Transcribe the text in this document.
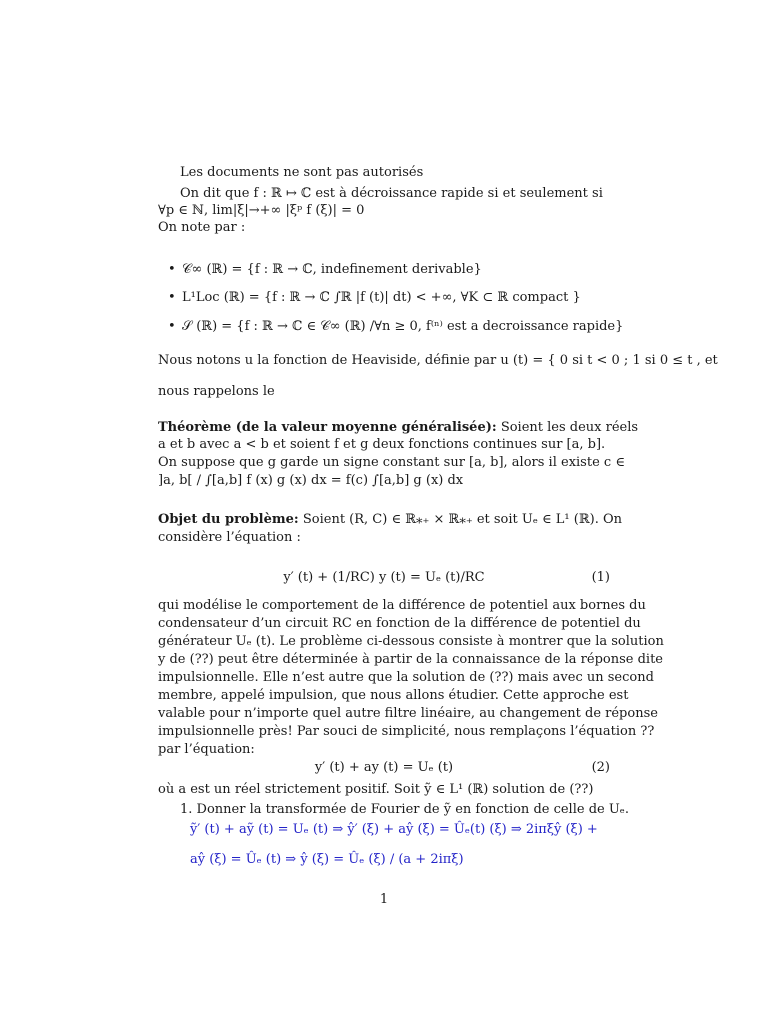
Les documents ne sont pas autorisés

On dit que f : ℝ ↦ ℂ est à décroissance rapide si et seulement si

∀p ∈ ℕ, lim|ξ|→+∞ |ξᵖ f (ξ)| = 0

On note par :

• 𝒞∞ (ℝ) = {f : ℝ → ℂ, indefinement derivable}

• L¹Loc (ℝ) = {f : ℝ → ℂ ∫ℝ |f (t)| dt) < +∞, ∀K ⊂ ℝ compact }

• 𝒮 (ℝ) = {f : ℝ → ℂ ∈ 𝒞∞ (ℝ) /∀n ≥ 0, f⁽ⁿ⁾ est a decroissance rapide}

Nous notons u la fonction de Heaviside, définie par u (t) = { 0 si t < 0 ; 1 si 0 ≤ t , et

nous rappelons le

Théorème (de la valeur moyenne généralisée): Soient les deux réels

a et b avec a < b et soient f et g deux fonctions continues sur [a, b].

On suppose que g garde un signe constant sur [a, b], alors il existe c ∈

]a, b[ / ∫[a,b] f (x) g (x) dx = f(c) ∫[a,b] g (x) dx

Objet du problème: Soient (R, C) ∈ ℝ⁎₊ × ℝ⁎₊ et soit Uₑ ∈ L¹ (ℝ). On

considère l’équation :

y′ (t) + (1/RC) y (t) = Uₑ (t)/RC	(1)

qui modélise le comportement de la différence de potentiel aux bornes du

condensateur d’un circuit RC en fonction de la différence de potentiel du

générateur Uₑ (t). Le problème ci-dessous consiste à montrer que la solution

y de (??) peut être déterminée à partir de la connaissance de la réponse dite

impulsionnelle. Elle n’est autre que la solution de (??) mais avec un second

membre, appelé impulsion, que nous allons étudier. Cette approche est

valable pour n’importe quel autre filtre linéaire, au changement de réponse

impulsionnelle près! Par souci de simplicité, nous remplaçons l’équation ??

par l’équation:

y′ (t) + ay (t) = Uₑ (t)	(2)

où a est un réel strictement positif. Soit ỹ ∈ L¹ (ℝ) solution de (??)

1. Donner la transformée de Fourier de ỹ en fonction de celle de Uₑ.

ỹ′ (t) + aỹ (t) = Uₑ (t) ⇒ ŷ′ (ξ) + aŷ (ξ) = Ûₑ(t) (ξ) ⇒ 2iπξŷ (ξ) +

aŷ (ξ) = Ûₑ (t) ⇒ ŷ (ξ) = Ûₑ (ξ) / (a + 2iπξ)

1
